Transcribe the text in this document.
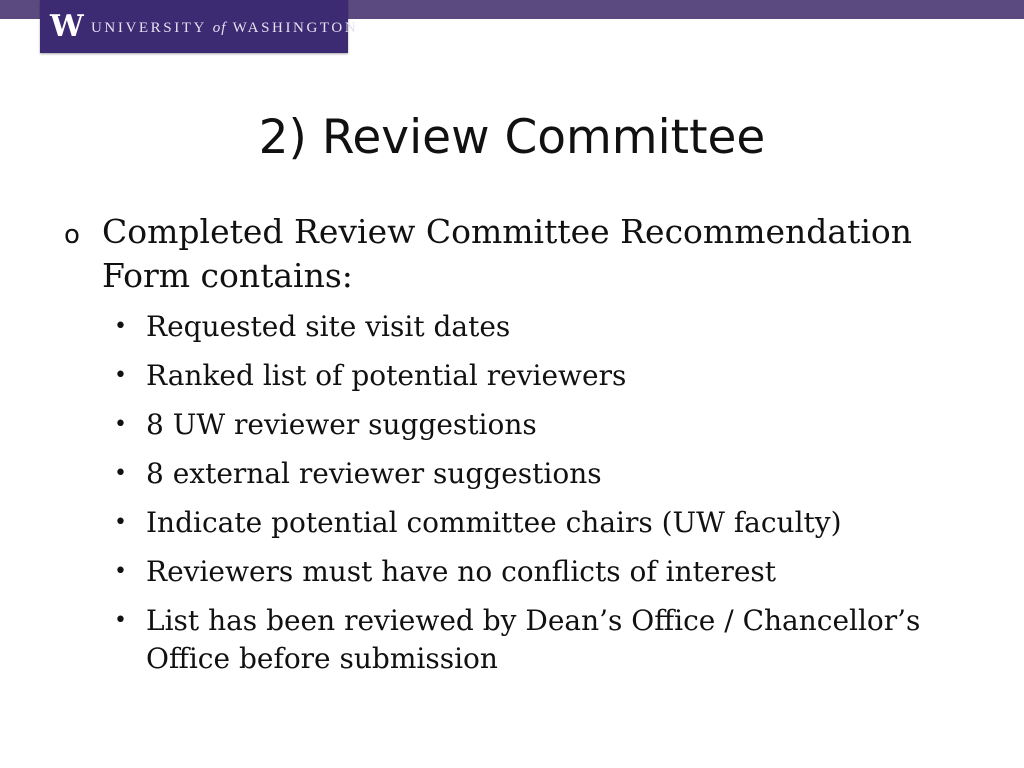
W UNIVERSITY of WASHINGTON
2) Review Committee
o Completed Review Committee Recommendation Form contains:
• Requested site visit dates
• Ranked list of potential reviewers
• 8 UW reviewer suggestions
• 8 external reviewer suggestions
• Indicate potential committee chairs (UW faculty)
• Reviewers must have no conflicts of interest
• List has been reviewed by Dean’s Office / Chancellor’s Office before submission
